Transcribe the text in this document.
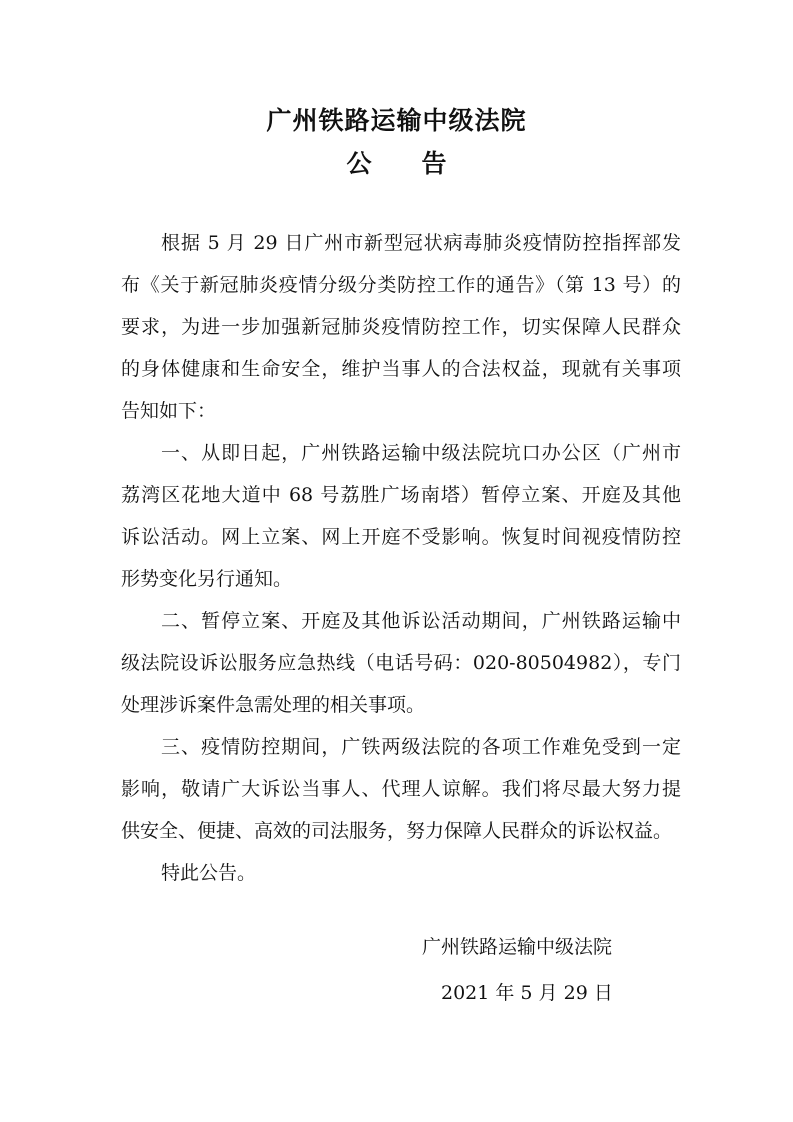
广州铁路运输中级法院
公 告
根据 5 月 29 日广州市新型冠状病毒肺炎疫情防控指挥部发
布《关于新冠肺炎疫情分级分类防控工作的通告》（第 13 号）的
要求，为进一步加强新冠肺炎疫情防控工作，切实保障人民群众
的身体健康和生命安全，维护当事人的合法权益，现就有关事项
告知如下：
一、从即日起，广州铁路运输中级法院坑口办公区（广州市
荔湾区花地大道中 68 号荔胜广场南塔）暂停立案、开庭及其他
诉讼活动。网上立案、网上开庭不受影响。恢复时间视疫情防控
形势变化另行通知。
二、暂停立案、开庭及其他诉讼活动期间，广州铁路运输中
级法院设诉讼服务应急热线（电话号码：020-80504982），专门
处理涉诉案件急需处理的相关事项。
三、疫情防控期间，广铁两级法院的各项工作难免受到一定
影响，敬请广大诉讼当事人、代理人谅解。我们将尽最大努力提
供安全、便捷、高效的司法服务，努力保障人民群众的诉讼权益。
特此公告。
广州铁路运输中级法院
2021 年 5 月 29 日
